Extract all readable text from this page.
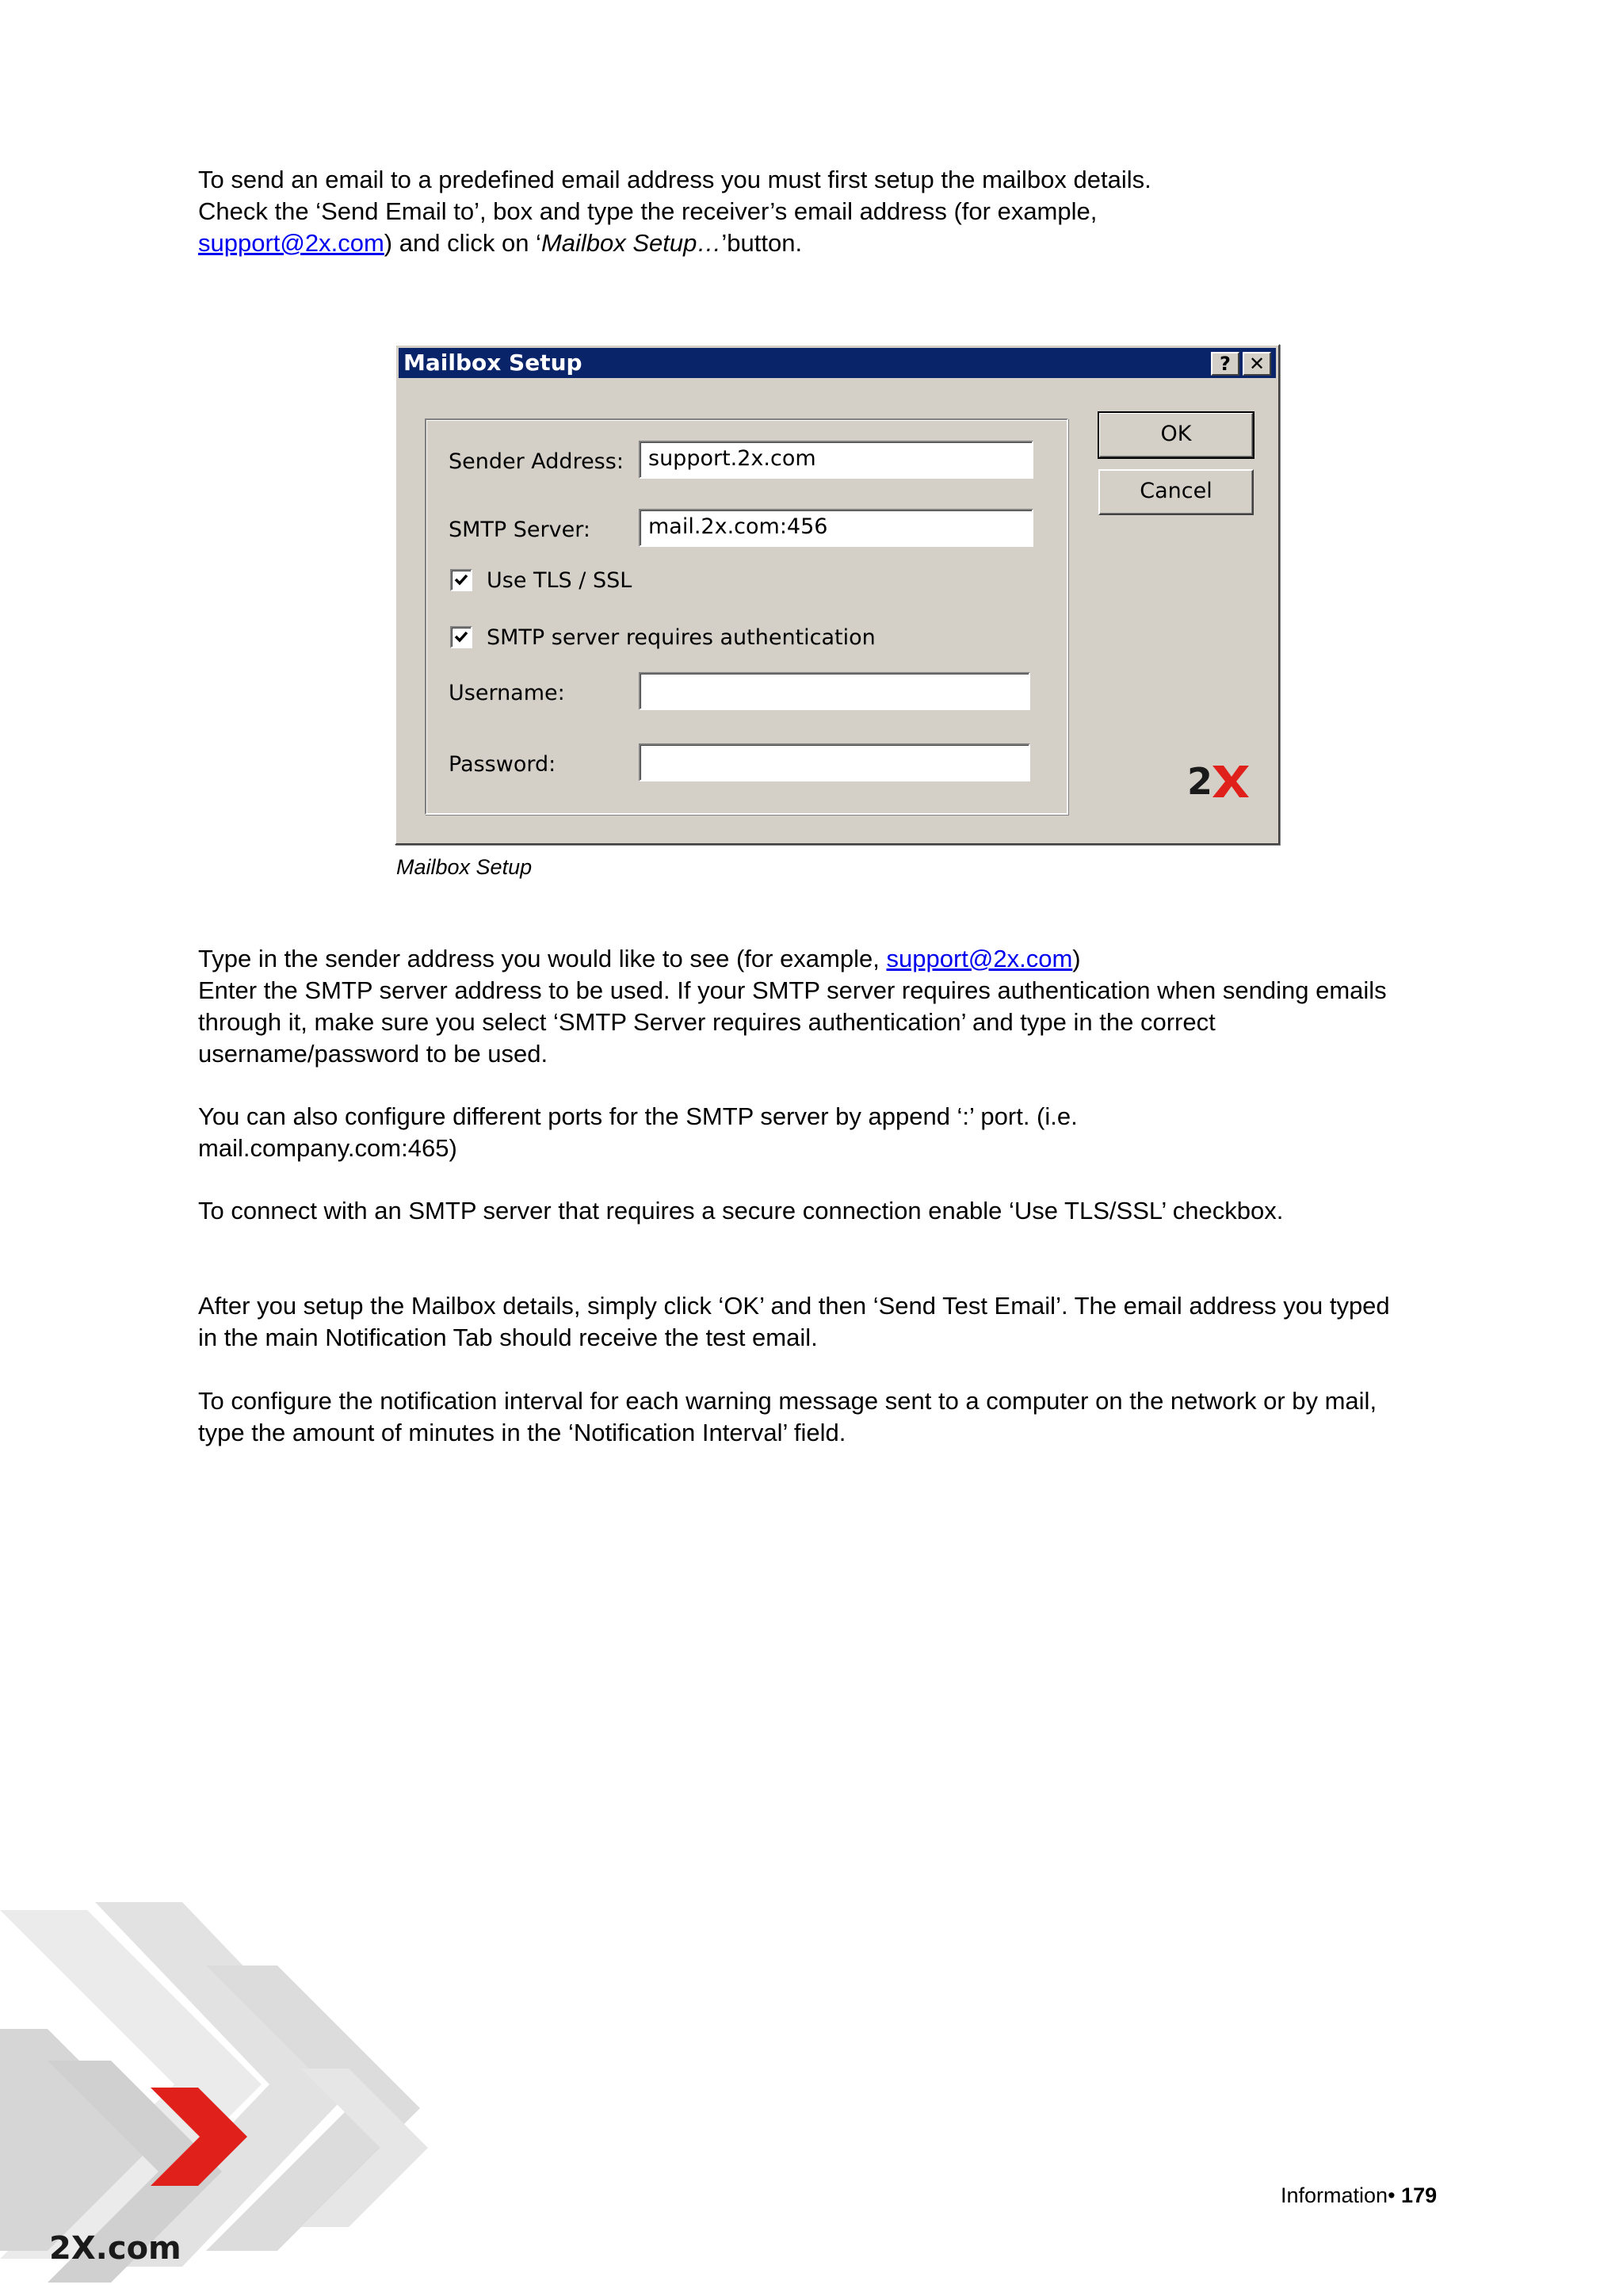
To send an email to a predefined email address you must first setup the mailbox details.
Check the ‘Send Email to’, box and type the receiver’s email address (for example,
support@2x.com) and click on ‘Mailbox Setup…’button.

Mailbox Setup	? ✕
Sender Address:	support.2x.com
SMTP Server:	mail.2x.com:456
Use TLS / SSL
SMTP server requires authentication
Username:
Password:
OK
Cancel
2
Mailbox Setup

Type in the sender address you would like to see (for example, support@2x.com)
Enter the SMTP server address to be used. If your SMTP server requires authentication when sending emails through it, make sure you select ‘SMTP Server requires authentication’ and type in the correct username/password to be used.

You can also configure different ports for the SMTP server by append ‘:’ port. (i.e. mail.company.com:465)

To connect with an SMTP server that requires a secure connection enable ‘Use TLS/SSL’ checkbox.

After you setup the Mailbox details, simply click ‘OK’ and then ‘Send Test Email’. The email address you typed in the main Notification Tab should receive the test email.

To configure the notification interval for each warning message sent to a computer on the network or by mail, type the amount of minutes in the ‘Notification Interval’ field.

Information• 179
2X.com
